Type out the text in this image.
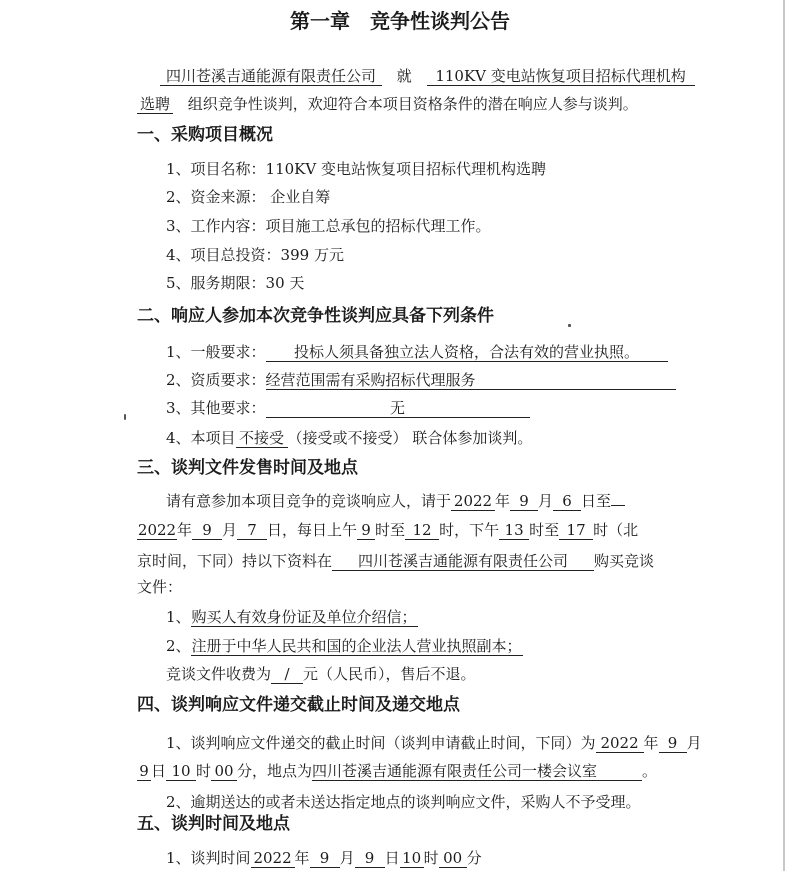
第一章　竞争性谈判公告
四川苍溪吉通能源有限责任公司 就 110KV 变电站恢复项目招标代理机构
选聘 组织竞争性谈判，欢迎符合本项目资格条件的潜在响应人参与谈判。
一、采购项目概况
1、项目名称：110KV 变电站恢复项目招标代理机构选聘
2、资金来源： 企业自筹
3、工作内容：项目施工总承包的招标代理工作。
4、项目总投资：399 万元
5、服务期限：30 天
二、响应人参加本次竞争性谈判应具备下列条件
1、一般要求： 投标人须具备独立法人资格，合法有效的营业执照。
2、资质要求：经营范围需有采购招标代理服务
3、其他要求：	无
4、本项目 不接受 （接受或不接受） 联合体参加谈判。
三、谈判文件发售时间及地点
请有意参加本项目竞争的竞谈响应人，请于 2022 年 9 月 6 日至
2022年 9 月 7 日，每日上午 9 时至 12 时，下午 13 时至 17 时（北
京时间，下同）持以下资料在 四川苍溪吉通能源有限责任公司 购买竞谈
文件：
1、购买人有效身份证及单位介绍信；
2、注册于中华人民共和国的企业法人营业执照副本；
竞谈文件收费为 / 元（人民币），售后不退。
四、谈判响应文件递交截止时间及递交地点
1、谈判响应文件递交的截止时间（谈判申请截止时间，下同）为 2022 年 9 月
9 日 10 时 00 分，地点为四川苍溪吉通能源有限责任公司一楼会议室	。
2、逾期送达的或者未送达指定地点的谈判响应文件，采购人不予受理。
五、谈判时间及地点
1、谈判时间 2022 年 9 月 9 日 10 时 00 分
